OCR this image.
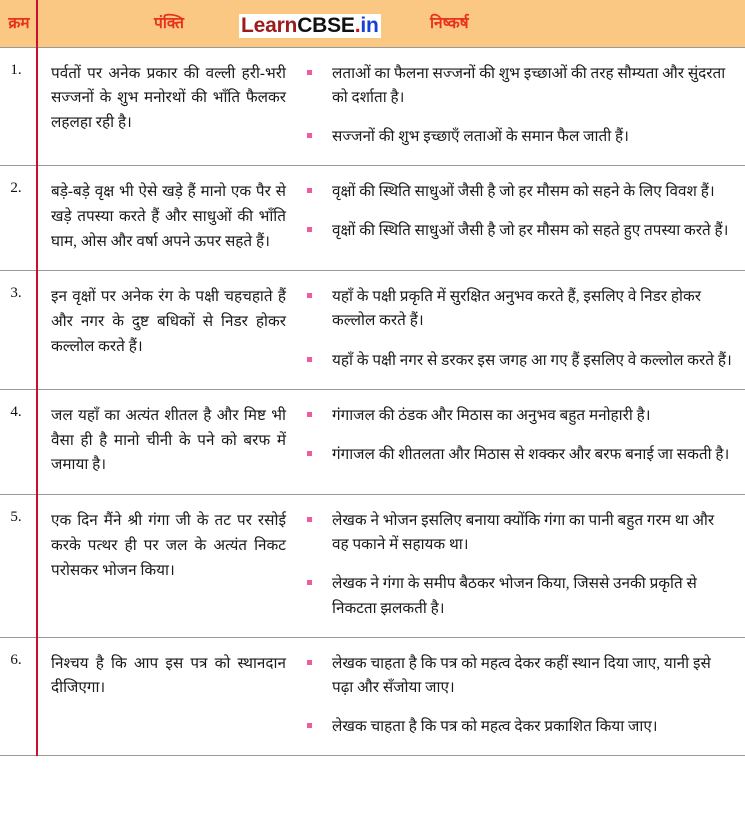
LearnCBSE.in
क्रम	पंक्ति	निष्कर्ष
1.	पर्वतों पर अनेक प्रकार की वल्ली हरी-भरी सज्जनों के शुभ मनोरथों की भाँति फैलकर लहलहा रही है।

लताओं का फैलना सज्जनों की शुभ इच्छाओं की तरह सौम्यता और सुंदरता को दर्शाता है।
सज्जनों की शुभ इच्छाएँ लताओं के समान फैल जाती हैं।

2.	बड़े-बड़े वृक्ष भी ऐसे खड़े हैं मानो एक पैर से खड़े तपस्या करते हैं और साधुओं की भाँति घाम, ओस और वर्षा अपने ऊपर सहते हैं।

वृक्षों की स्थिति साधुओं जैसी है जो हर मौसम को सहने के लिए विवश हैं।
वृक्षों की स्थिति साधुओं जैसी है जो हर मौसम को सहते हुए तपस्या करते हैं।

3.	इन वृक्षों पर अनेक रंग के पक्षी चहचहाते हैं और नगर के दुष्ट बधिकों से निडर होकर कल्लोल करते हैं।

यहाँ के पक्षी प्रकृति में सुरक्षित अनुभव करते हैं, इसलिए वे निडर होकर कल्लोल करते हैं।
यहाँ के पक्षी नगर से डरकर इस जगह आ गए हैं इसलिए वे कल्लोल करते हैं।

4.	जल यहाँ का अत्यंत शीतल है और मिष्ट भी वैसा ही है मानो चीनी के पने को बरफ में जमाया है।

गंगाजल की ठंडक और मिठास का अनुभव बहुत मनोहारी है।
गंगाजल की शीतलता और मिठास से शक्कर और बरफ बनाई जा सकती है।

5.	एक दिन मैंने श्री गंगा जी के तट पर रसोई करके पत्थर ही पर जल के अत्यंत निकट परोसकर भोजन किया।

लेखक ने भोजन इसलिए बनाया क्योंकि गंगा का पानी बहुत गरम था और वह पकाने में सहायक था।
लेखक ने गंगा के समीप बैठकर भोजन किया, जिससे उनकी प्रकृति से निकटता झलकती है।

6.	निश्चय है कि आप इस पत्र को स्थानदान दीजिएगा।

लेखक चाहता है कि पत्र को महत्व देकर कहीं स्थान दिया जाए, यानी इसे पढ़ा और सँजोया जाए।
लेखक चाहता है कि पत्र को महत्व देकर प्रकाशित किया जाए।
